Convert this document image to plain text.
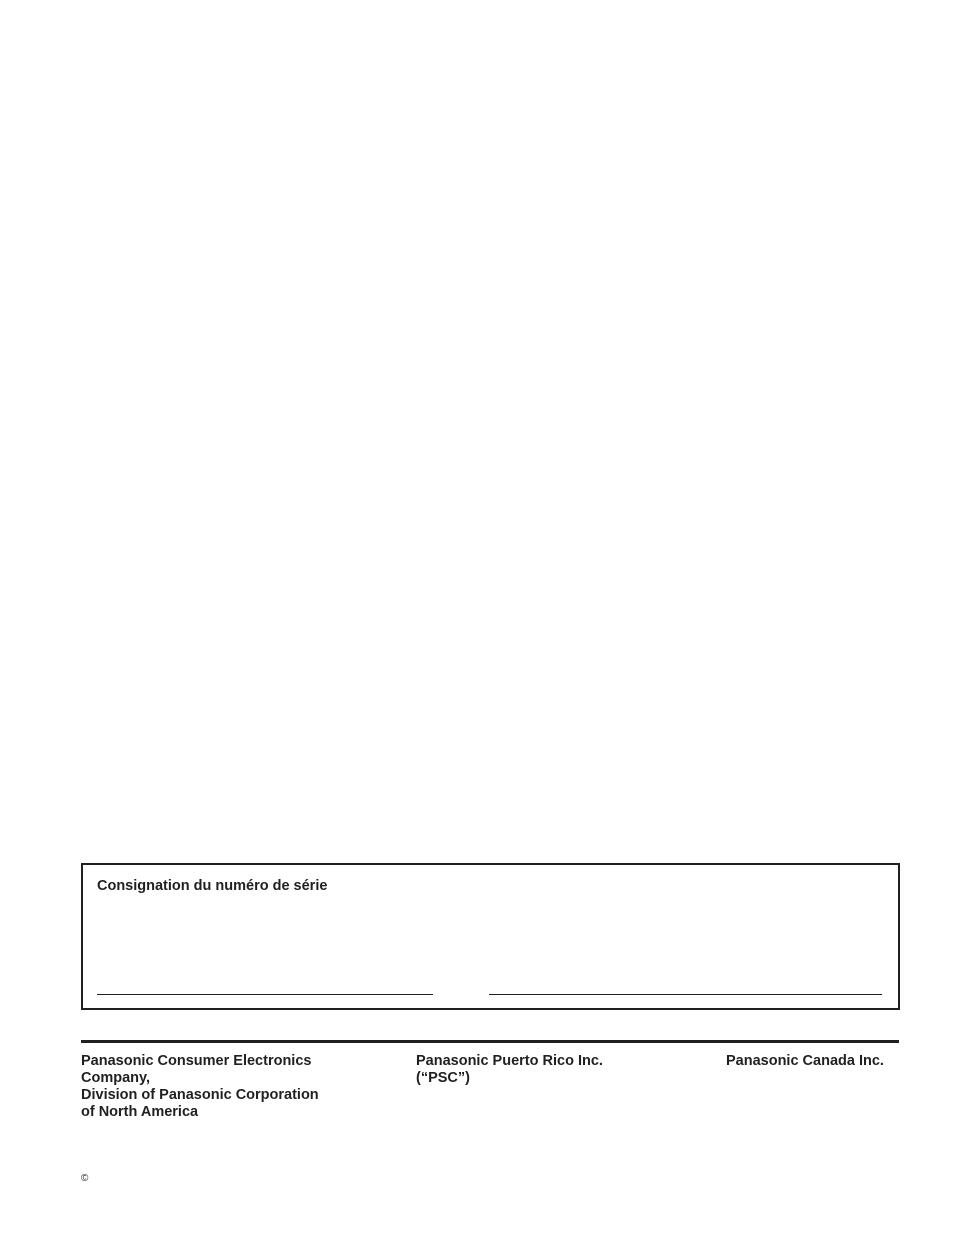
Consignation du numéro de série
Panasonic Consumer Electronics
Company,
Division of Panasonic Corporation
of North America
Panasonic Puerto Rico Inc.
(“PSC”)
Panasonic Canada Inc.
©
